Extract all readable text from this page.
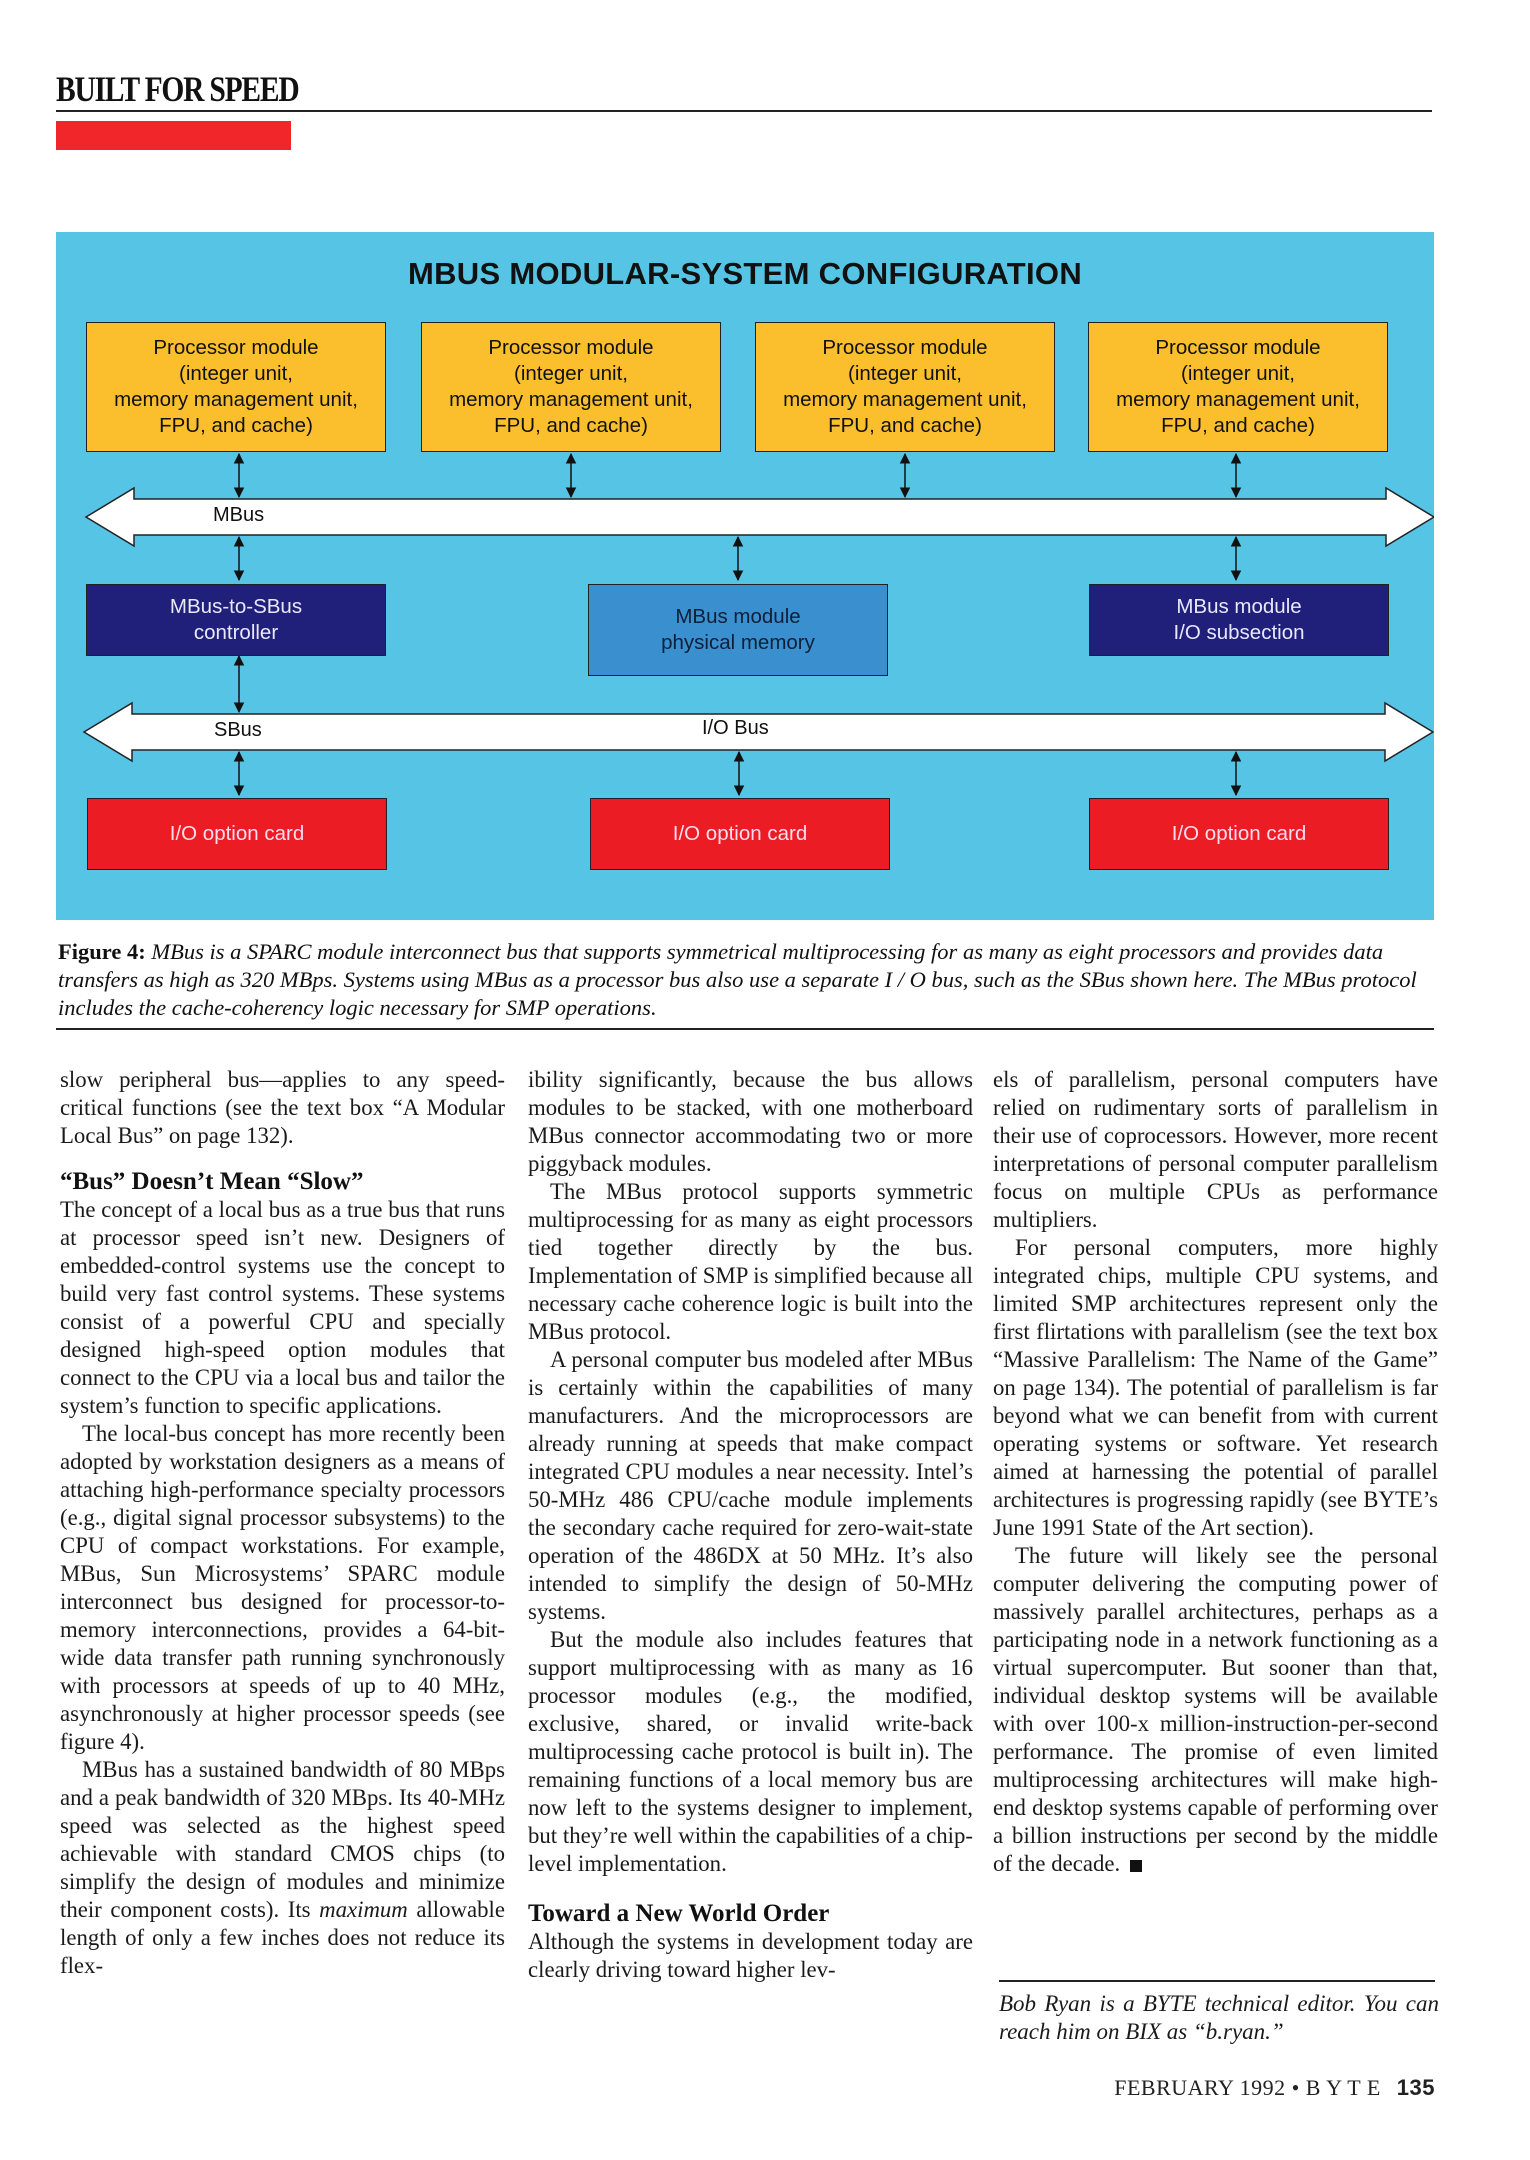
BUILT FOR SPEED
MBUS MODULAR-SYSTEM CONFIGURATION
Processor module
(integer unit,
memory management unit,
FPU, and cache)
Processor module
(integer unit,
memory management unit,
FPU, and cache)
Processor module
(integer unit,
memory management unit,
FPU, and cache)
Processor module
(integer unit,
memory management unit,
FPU, and cache)
MBus
MBus-to-SBus
controller
MBus module
physical memory
MBus module
I/O subsection
SBus	I/O Bus
I/O option card	I/O option card	I/O option card
Figure 4: MBus is a SPARC module interconnect bus that supports symmetrical multiprocessing for as many as eight processors and provides data transfers as high as 320 MBps. Systems using MBus as a processor bus also use a separate I / O bus, such as the SBus shown here. The MBus protocol includes the cache-coherency logic necessary for SMP operations.

slow peripheral bus—applies to any speed-critical functions (see the text box “A Modular Local Bus” on page 132).

“Bus” Doesn’t Mean “Slow”

The concept of a local bus as a true bus that runs at processor speed isn’t new. Designers of embedded-control systems use the concept to build very fast control systems. These systems consist of a powerful CPU and specially designed high-speed option modules that connect to the CPU via a local bus and tailor the system’s function to specific applications.

The local-bus concept has more recently been adopted by workstation designers as a means of attaching high-performance specialty processors (e.g., digital signal processor subsystems) to the CPU of compact workstations. For example, MBus, Sun Microsystems’ SPARC module interconnect bus designed for processor-to-memory interconnections, provides a 64-bit-wide data transfer path running synchronously with processors at speeds of up to 40 MHz, asynchronously at higher processor speeds (see figure 4).

MBus has a sustained bandwidth of 80 MBps and a peak bandwidth of 320 MBps. Its 40-MHz speed was selected as the highest speed achievable with standard CMOS chips (to simplify the design of modules and minimize their component costs). Its maximum allowable length of only a few inches does not reduce its flex-

ibility significantly, because the bus allows modules to be stacked, with one motherboard MBus connector accommodating two or more piggyback modules.

The MBus protocol supports symmetric multiprocessing for as many as eight processors tied together directly by the bus. Implementation of SMP is simplified because all necessary cache coherence logic is built into the MBus protocol.

A personal computer bus modeled after MBus is certainly within the capabilities of many manufacturers. And the microprocessors are already running at speeds that make compact integrated CPU modules a near necessity. Intel’s 50-MHz 486 CPU/cache module implements the secondary cache required for zero-wait-state operation of the 486DX at 50 MHz. It’s also intended to simplify the design of 50-MHz systems.

But the module also includes features that support multiprocessing with as many as 16 processor modules (e.g., the modified, exclusive, shared, or invalid write-back multiprocessing cache protocol is built in). The remaining functions of a local memory bus are now left to the systems designer to implement, but they’re well within the capabilities of a chip-level implementation.

Toward a New World Order

Although the systems in development today are clearly driving toward higher lev-

els of parallelism, personal computers have relied on rudimentary sorts of parallelism in their use of coprocessors. However, more recent interpretations of personal computer parallelism focus on multiple CPUs as performance multipliers.

For personal computers, more highly integrated chips, multiple CPU systems, and limited SMP architectures represent only the first flirtations with parallelism (see the text box “Massive Parallelism: The Name of the Game” on page 134). The potential of parallelism is far beyond what we can benefit from with current operating systems or software. Yet research aimed at harnessing the potential of parallel architectures is progressing rapidly (see BYTE’s June 1991 State of the Art section).

The future will likely see the personal computer delivering the computing power of massively parallel architectures, perhaps as a participating node in a network functioning as a virtual supercomputer. But sooner than that, individual desktop systems will be available with over 100-x million-instruction-per-second performance. The promise of even limited multiprocessing architectures will make high-end desktop systems capable of performing over a billion instructions per second by the middle of the decade.

Bob Ryan is a BYTE technical editor. You can reach him on BIX as “b.ryan.”
FEBRUARY 1992 • B Y T E 135
